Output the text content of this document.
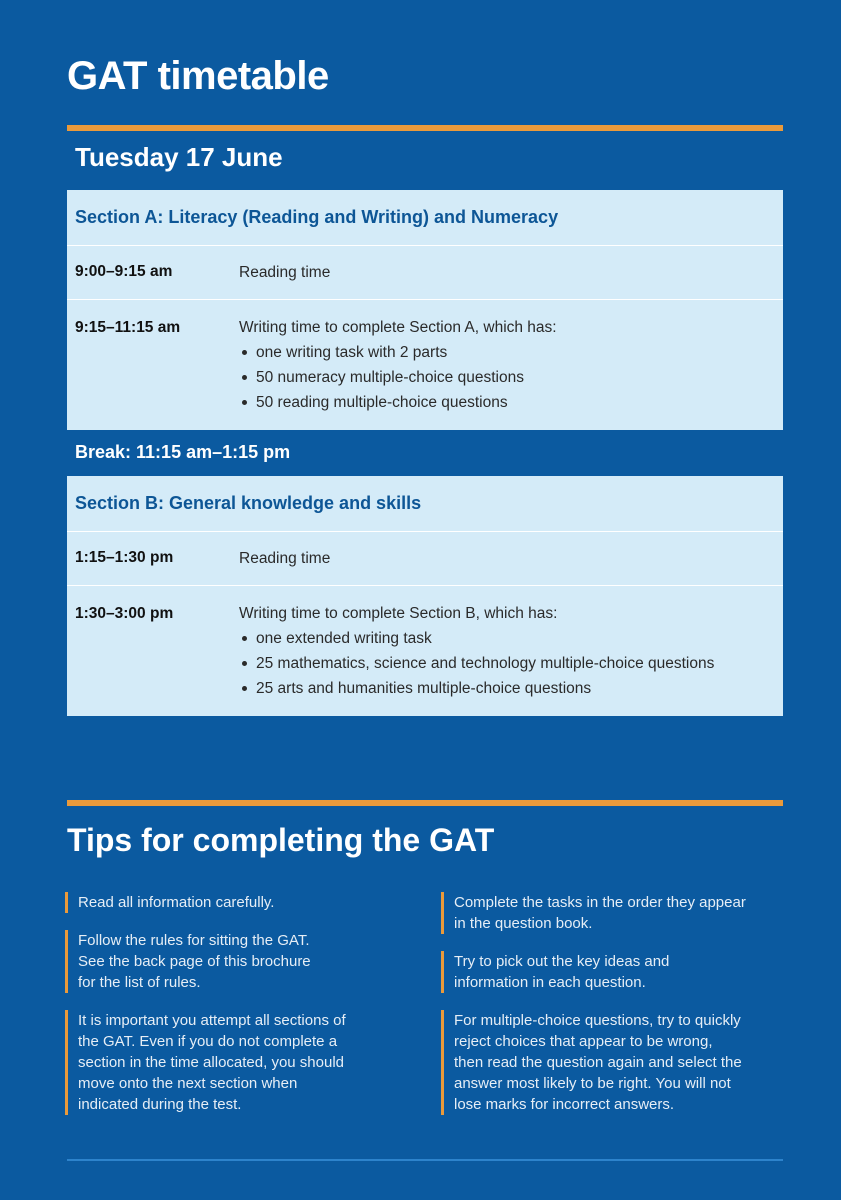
GAT timetable
Tuesday 17 June
Section A: Literacy (Reading and Writing) and Numeracy
9:00–9:15 am	Reading time
9:15–11:15 am	Writing time to complete Section A, which has:
one writing task with 2 parts
50 numeracy multiple-choice questions
50 reading multiple-choice questions
Break: 11:15 am–1:15 pm
Section B: General knowledge and skills
1:15–1:30 pm	Reading time
1:30–3:00 pm	Writing time to complete Section B, which has:
one extended writing task
25 mathematics, science and technology multiple-choice questions
25 arts and humanities multiple-choice questions
Tips for completing the GAT
Read all information carefully.
Follow the rules for sitting the GAT.
See the back page of this brochure
for the list of rules.
It is important you attempt all sections of
the GAT. Even if you do not complete a
section in the time allocated, you should
move onto the next section when
indicated during the test.
Complete the tasks in the order they appear
in the question book.
Try to pick out the key ideas and
information in each question.
For multiple-choice questions, try to quickly
reject choices that appear to be wrong,
then read the question again and select the
answer most likely to be right. You will not
lose marks for incorrect answers.
